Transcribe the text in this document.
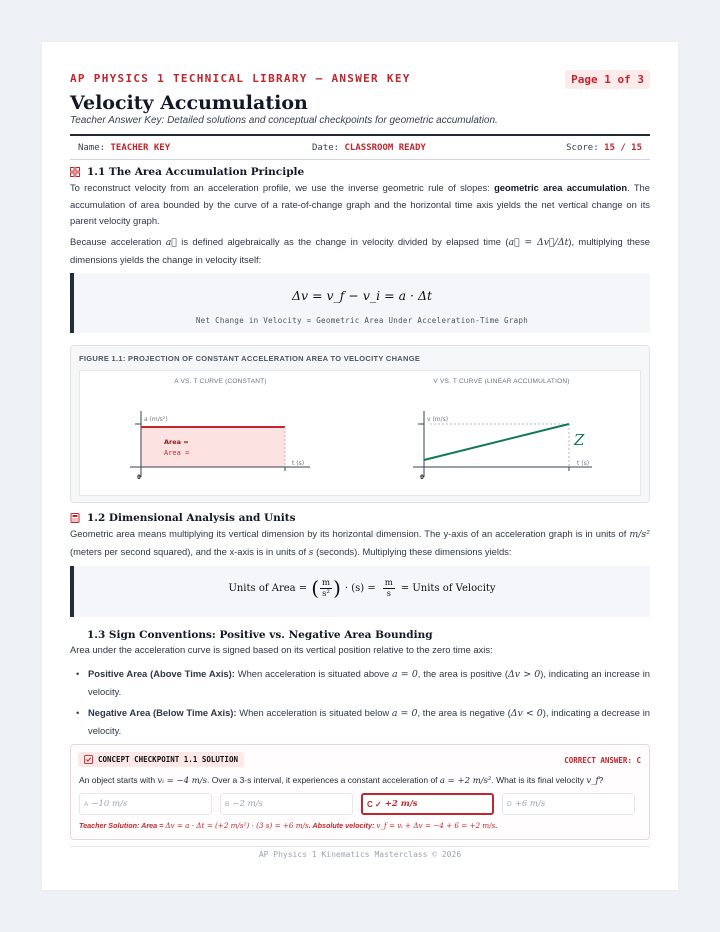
AP PHYSICS 1 TECHNICAL LIBRARY — ANSWER KEY	Page 1 of 3
Velocity Accumulation
Teacher Answer Key: Detailed solutions and conceptual checkpoints for geometric accumulation.
Name: TEACHER KEY	Date: CLASSROOM READY	Score: 15 / 15
1.1 The Area Accumulation Principle
To reconstruct velocity from an acceleration profile, we use the inverse geometric rule of slopes: geometric area accumulation. The accumulation of area bounded by the curve of a rate-of-change graph and the horizontal time axis yields the net vertical change on its parent velocity graph.
Because acceleration a⃗ is defined algebraically as the change in velocity divided by elapsed time (a⃗ = Δv⃗/Δt), multiplying these dimensions yields the change in velocity itself:
Δv = v_f − v_i = a · Δt
Net Change in Velocity = Geometric Area Under Acceleration-Time Graph
FIGURE 1.1: PROJECTION OF CONSTANT ACCELERATION AREA TO VELOCITY CHANGE
A VS. T CURVE (CONSTANT)	V VS. T CURVE (LINEAR ACCUMULATION)
a (m/s²)
t (s)
0
Area =
Area =
Z
v (m/s)
t (s)
0
1.2 Dimensional Analysis and Units
Geometric area means multiplying its vertical dimension by its horizontal dimension. The y-axis of an acceleration graph is in units of m/s² (meters per second squared), and the x-axis is in units of s (seconds). Multiplying these dimensions yields:
Units of Area = ( m
s² ) · $(s) = \frac{m}{s}$ = Units of Velocity
1.3 Sign Conventions: Positive vs. Negative Area Bounding
Area under the acceleration curve is signed based on its vertical position relative to the zero time axis:
• Positive Area (Above Time Axis): When acceleration is situated above a = 0, the area is positive (Δv > 0), indicating an increase in velocity.
• Negative Area (Below Time Axis): When acceleration is situated below a = 0, the area is negative (Δv < 0), indicating a decrease in velocity.
CONCEPT CHECKPOINT 1.1 SOLUTION	CORRECT ANSWER: C
An object starts with vᵢ = −4 m/s. Over a 3-s interval, it experiences a constant acceleration of a = +2 m/s². What is its final velocity v_f?
A −10 m/s	B −2 m/s	C ✓ +2 m/s	D +6 m/s
Teacher Solution: Area = Δv = a · Δt = (+2 m/s²) · (3 s) = +6 m/s. Absolute velocity: v_f = vᵢ + Δv = −4 + 6 = +2 m/s.
AP Physics 1 Kinematics Masterclass © 2026
